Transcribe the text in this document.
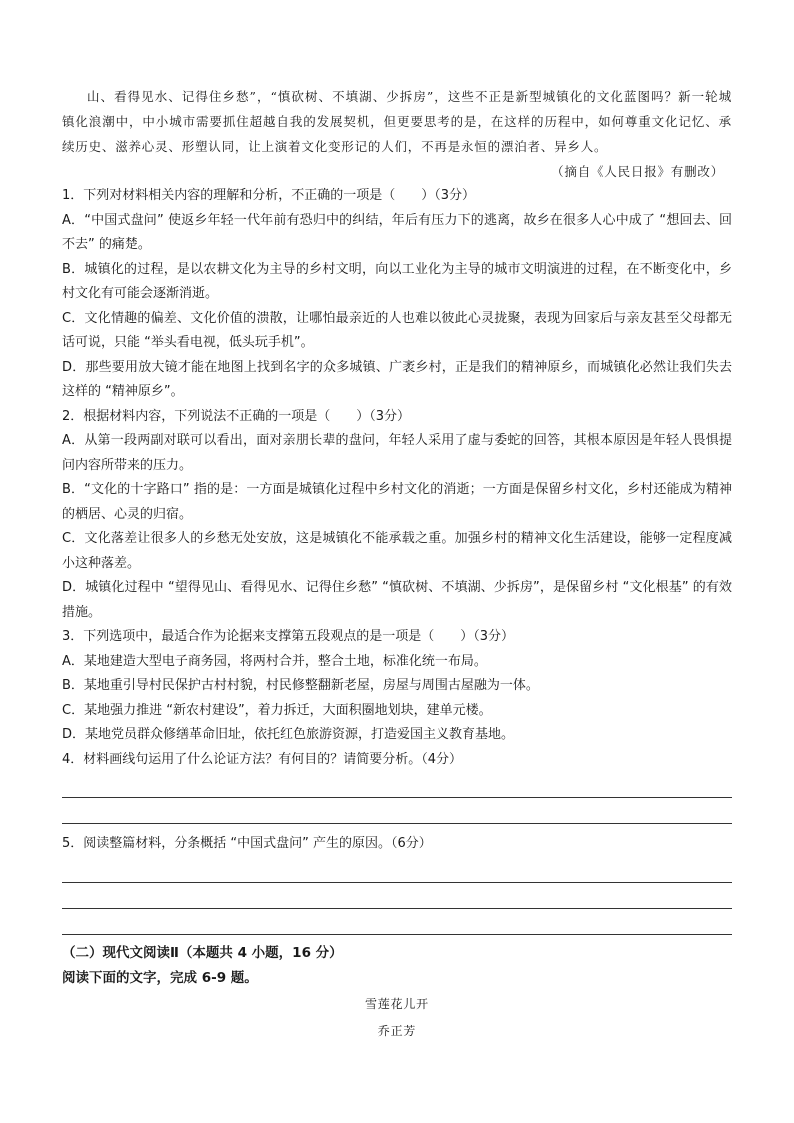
山、看得见水、记得住乡愁”，“慎砍树、不填湖、少拆房”，这些不正是新型城镇化的文化蓝图吗？新一轮城镇化浪潮中，中小城市需要抓住超越自我的发展契机，但更要思考的是，在这样的历程中，如何尊重文化记忆、承续历史、滋养心灵、形塑认同，让上演着文化变形记的人们，不再是永恒的漂泊者、异乡人。

（摘自《人民日报》有删改）

1．下列对材料相关内容的理解和分析，不正确的一项是（　　）（3分）

A．“中国式盘问” 使返乡年轻一代年前有恐归中的纠结，年后有压力下的逃离，故乡在很多人心中成了 “想回去、回不去” 的痛楚。

B．城镇化的过程，是以农耕文化为主导的乡村文明，向以工业化为主导的城市文明演进的过程，在不断变化中，乡村文化有可能会逐渐消逝。

C．文化情趣的偏差、文化价值的溃散，让哪怕最亲近的人也难以彼此心灵拢聚，表现为回家后与亲友甚至父母都无话可说，只能 “举头看电视，低头玩手机”。

D．那些要用放大镜才能在地图上找到名字的众多城镇、广袤乡村，正是我们的精神原乡，而城镇化必然让我们失去这样的 “精神原乡”。

2．根据材料内容，下列说法不正确的一项是（　　）（3分）

A．从第一段两副对联可以看出，面对亲朋长辈的盘问，年轻人采用了虚与委蛇的回答，其根本原因是年轻人畏惧提问内容所带来的压力。

B．“文化的十字路口” 指的是：一方面是城镇化过程中乡村文化的消逝；一方面是保留乡村文化，乡村还能成为精神的栖居、心灵的归宿。

C．文化落差让很多人的乡愁无处安放，这是城镇化不能承载之重。加强乡村的精神文化生活建设，能够一定程度减小这种落差。

D．城镇化过程中 “望得见山、看得见水、记得住乡愁” “慎砍树、不填湖、少拆房”，是保留乡村 “文化根基” 的有效措施。

3．下列选项中，最适合作为论据来支撑第五段观点的是一项是（　　）（3分）

A．某地建造大型电子商务园，将两村合并，整合土地，标准化统一布局。

B．某地重引导村民保护古村村貌，村民修整翻新老屋，房屋与周围古屋融为一体。

C．某地强力推进 “新农村建设”，着力拆迁，大面积圈地划块，建单元楼。

D．某地党员群众修缮革命旧址，依托红色旅游资源，打造爱国主义教育基地。

4．材料画线句运用了什么论证方法？有何目的？请简要分析。（4分）

5．阅读整篇材料，分条概括 “中国式盘问” 产生的原因。（6分）

（二）现代文阅读Ⅱ（本题共 4 小题，16 分）

阅读下面的文字，完成 6-9 题。

雪莲花儿开

乔正芳
